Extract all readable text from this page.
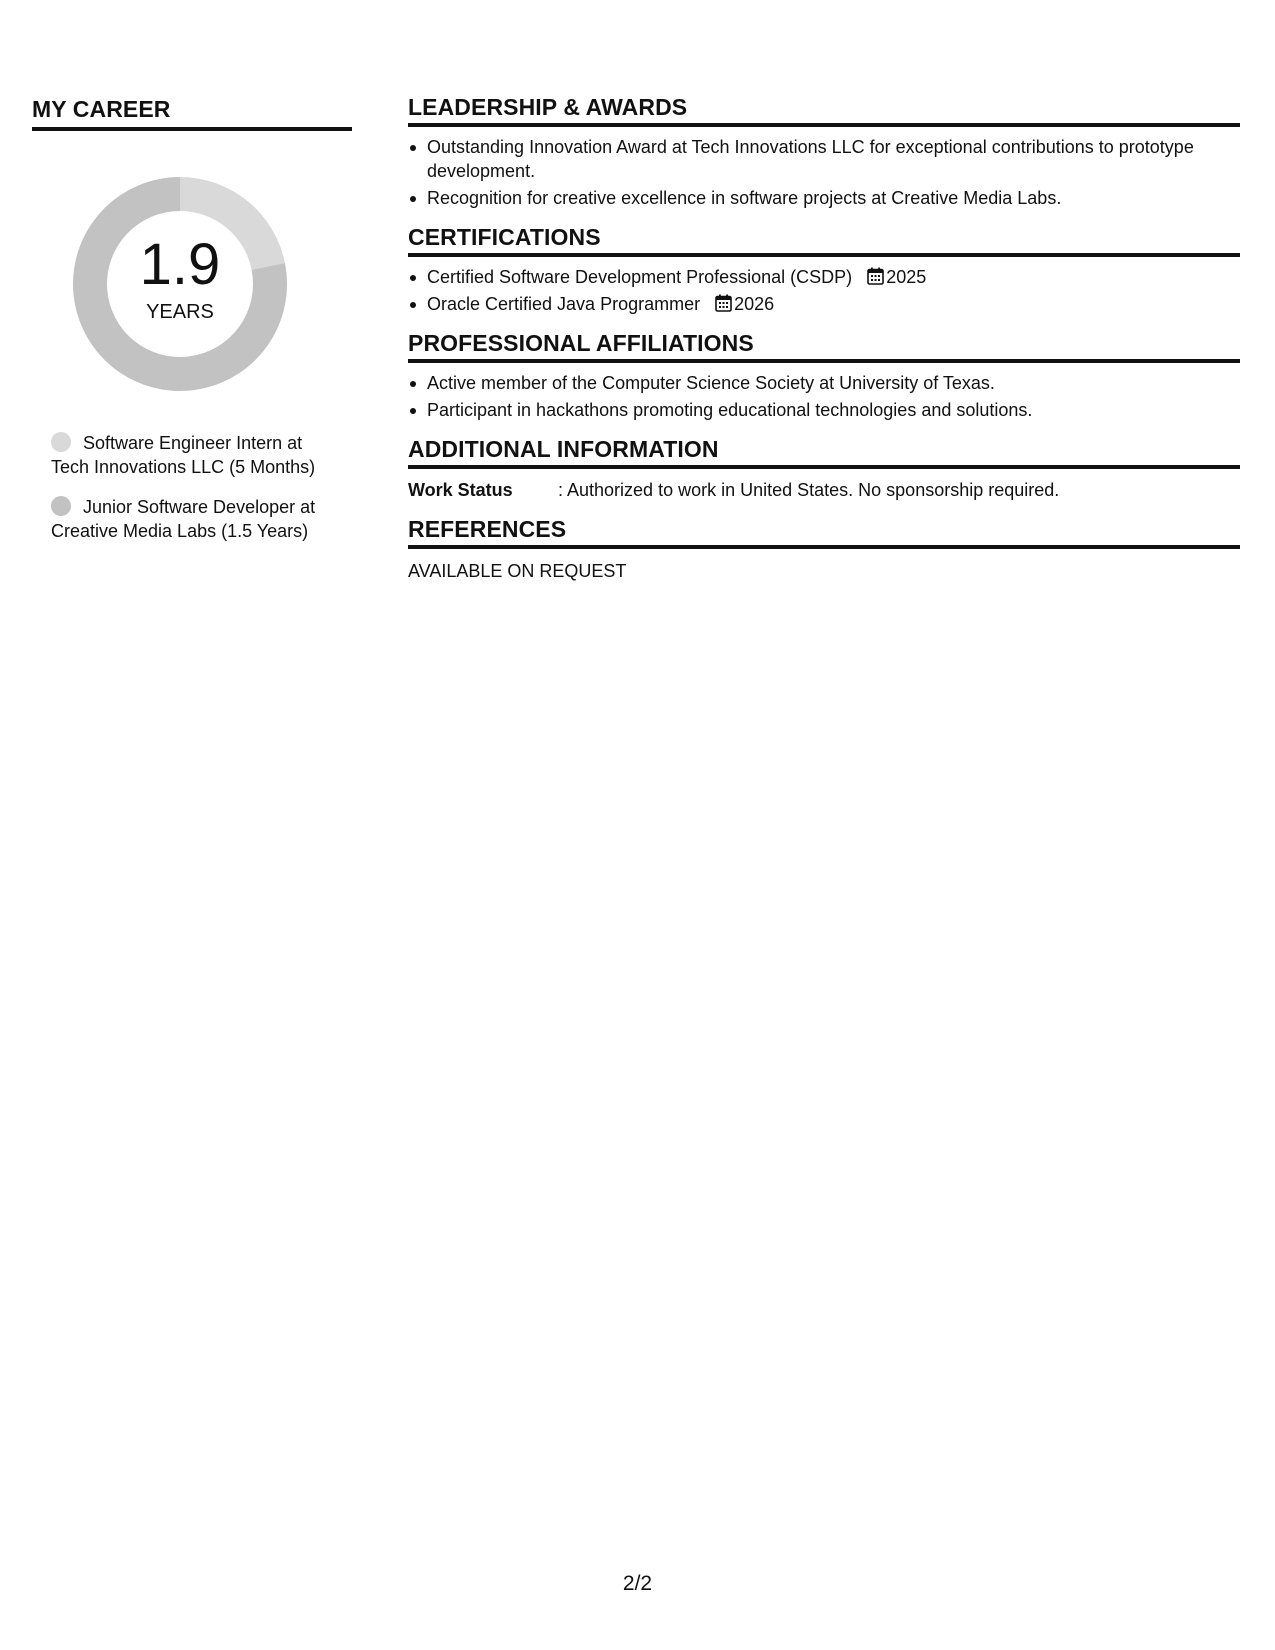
MY CAREER
1.9
YEARS
Software Engineer Intern at Tech Innovations LLC (5 Months)
Junior Software Developer at Creative Media Labs (1.5 Years)
LEADERSHIP & AWARDS
Outstanding Innovation Award at Tech Innovations LLC for exceptional contributions to prototype development.
Recognition for creative excellence in software projects at Creative Media Labs.
CERTIFICATIONS
Certified Software Development Professional (CSDP) 2025
Oracle Certified Java Programmer 2026
PROFESSIONAL AFFILIATIONS
Active member of the Computer Science Society at University of Texas.
Participant in hackathons promoting educational technologies and solutions.
ADDITIONAL INFORMATION
Work Status	: Authorized to work in United States. No sponsorship required.
REFERENCES
AVAILABLE ON REQUEST
2/2
